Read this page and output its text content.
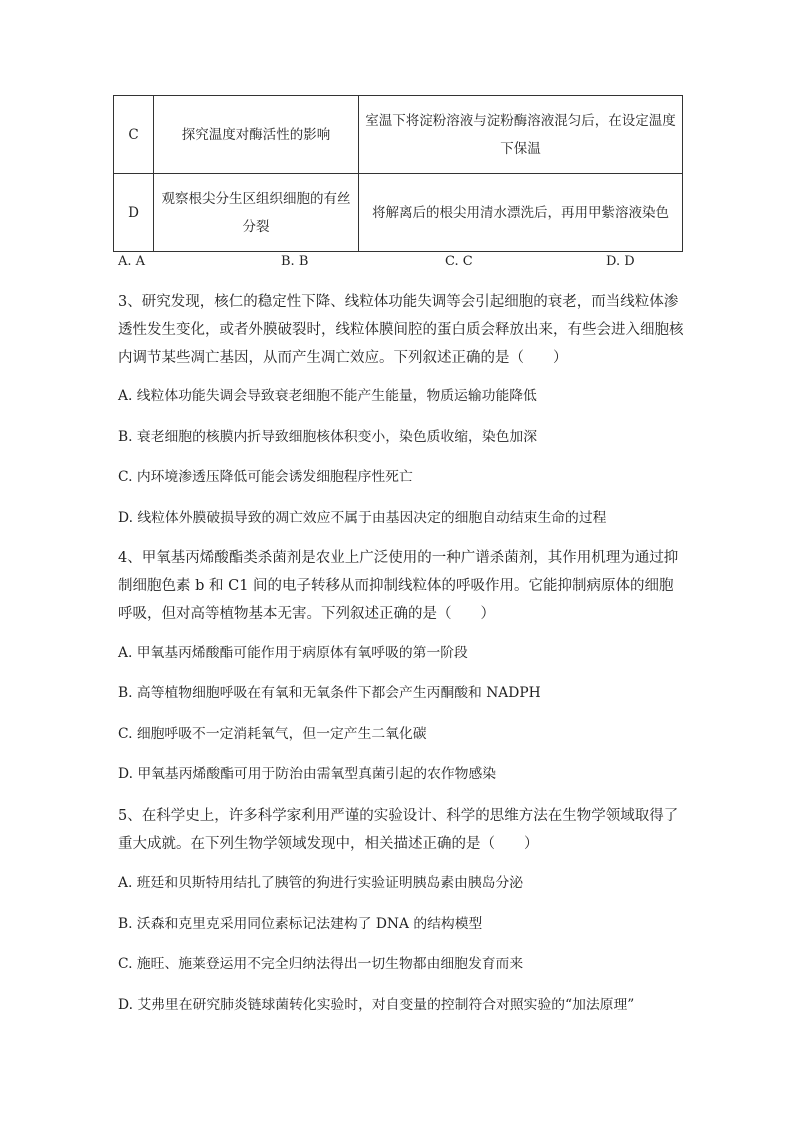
C	探究温度对酶活性的影响	室温下将淀粉溶液与淀粉酶溶液混匀后，在设定温度下保温
D	观察根尖分生区组织细胞的有丝分裂	将解离后的根尖用清水漂洗后，再用甲紫溶液染色
A. A	B. B	C. C	D. D

3、研究发现，核仁的稳定性下降、线粒体功能失调等会引起细胞的衰老，而当线粒体渗透性发生变化，或者外膜破裂时，线粒体膜间腔的蛋白质会释放出来，有些会进入细胞核内调节某些凋亡基因，从而产生凋亡效应。下列叙述正确的是（　　）

A. 线粒体功能失调会导致衰老细胞不能产生能量，物质运输功能降低

B. 衰老细胞的核膜内折导致细胞核体积变小，染色质收缩，染色加深

C. 内环境渗透压降低可能会诱发细胞程序性死亡

D. 线粒体外膜破损导致的凋亡效应不属于由基因决定的细胞自动结束生命的过程

4、甲氧基丙烯酸酯类杀菌剂是农业上广泛使用的一种广谱杀菌剂，其作用机理为通过抑制细胞色素 b 和 C1 间的电子转移从而抑制线粒体的呼吸作用。它能抑制病原体的细胞呼吸，但对高等植物基本无害。下列叙述正确的是（　　）

A. 甲氧基丙烯酸酯可能作用于病原体有氧呼吸的第一阶段

B. 高等植物细胞呼吸在有氧和无氧条件下都会产生丙酮酸和 NADPH

C. 细胞呼吸不一定消耗氧气，但一定产生二氧化碳

D. 甲氧基丙烯酸酯可用于防治由需氧型真菌引起的农作物感染

5、在科学史上，许多科学家利用严谨的实验设计、科学的思维方法在生物学领域取得了重大成就。在下列生物学领域发现中，相关描述正确的是（　　）

A. 班廷和贝斯特用结扎了胰管的狗进行实验证明胰岛素由胰岛分泌

B. 沃森和克里克采用同位素标记法建构了 DNA 的结构模型

C. 施旺、施莱登运用不完全归纳法得出一切生物都由细胞发育而来

D. 艾弗里在研究肺炎链球菌转化实验时，对自变量的控制符合对照实验的“加法原理”
